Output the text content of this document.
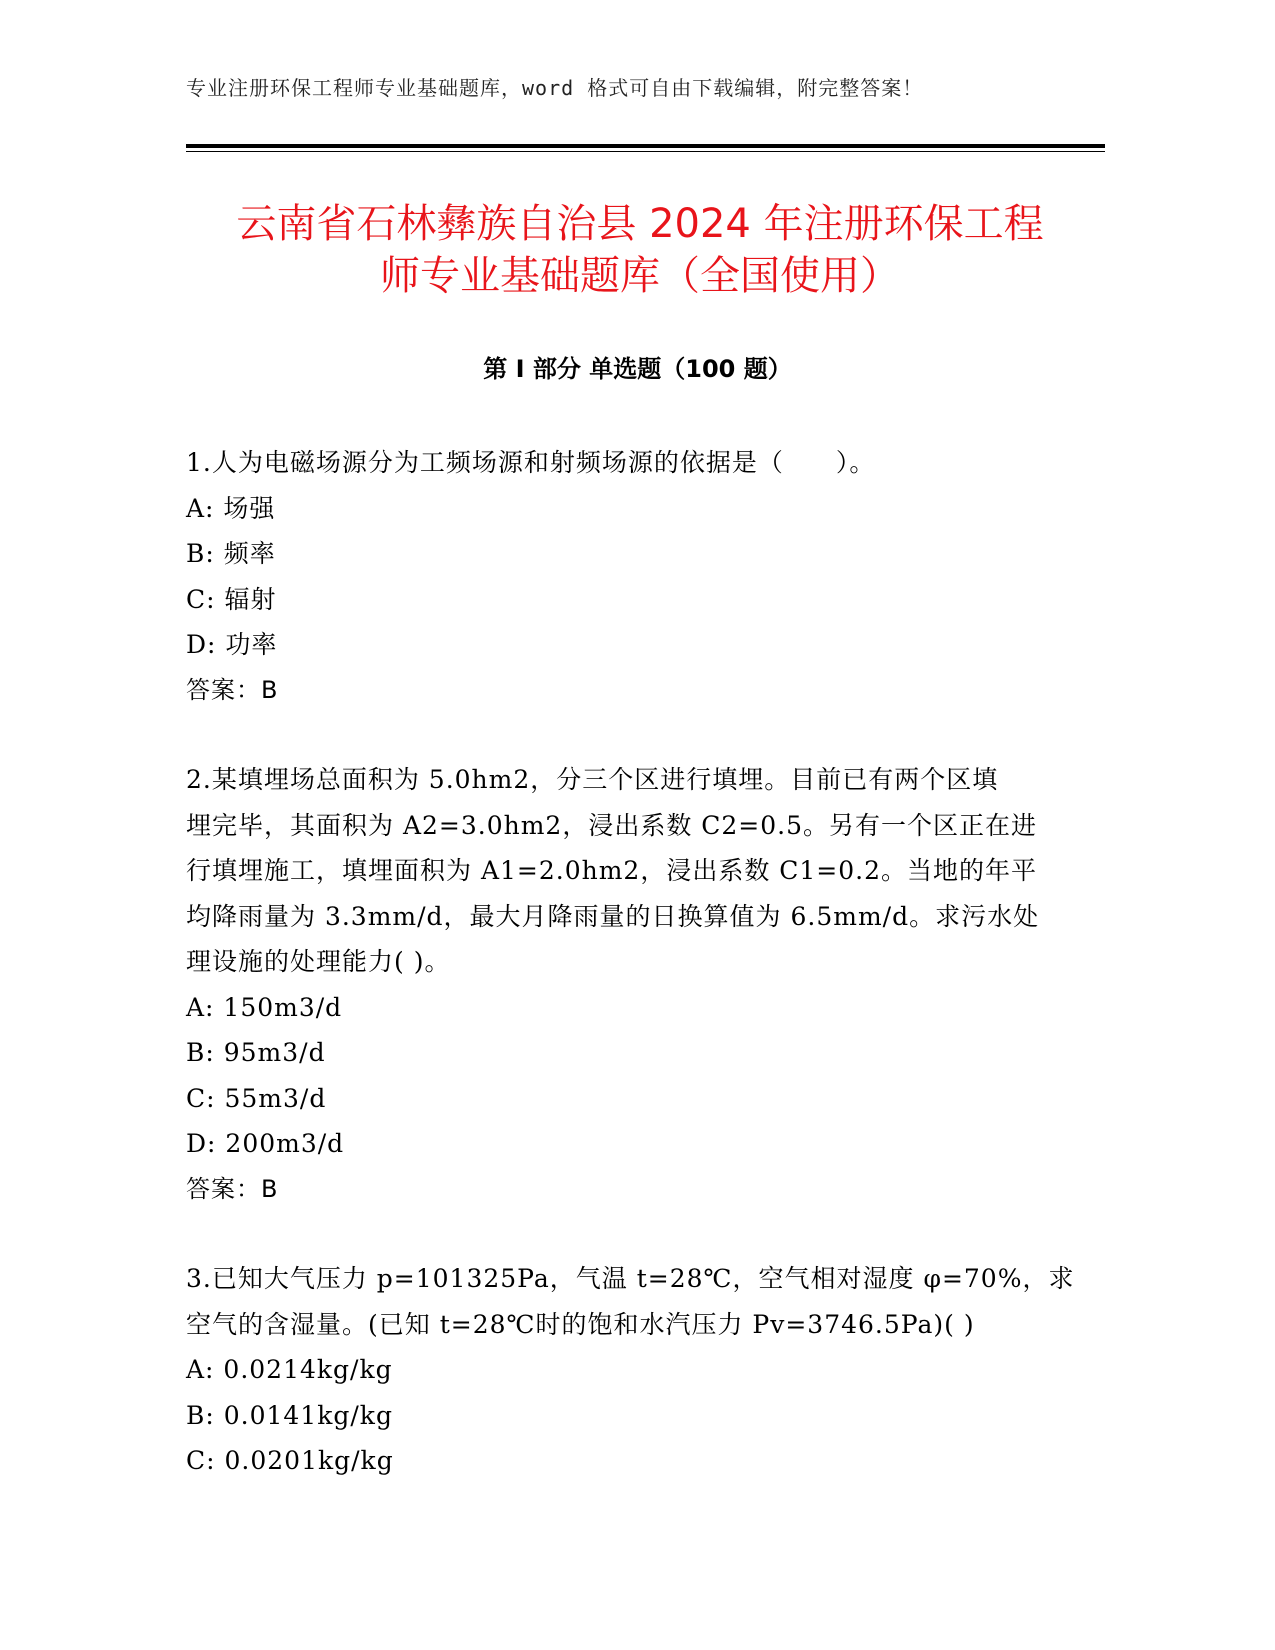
专业注册环保工程师专业基础题库，word 格式可自由下载编辑，附完整答案！
云南省石林彝族自治县 2024 年注册环保工程
师专业基础题库（全国使用）
第 I 部分 单选题（100 题）

1.人为电磁场源分为工频场源和射频场源的依据是（　　）。

A: 场强

B: 频率

C: 辐射

D: 功率

答案：B

2.某填埋场总面积为 5.0hm2，分三个区进行填埋。目前已有两个区填

埋完毕，其面积为 A2=3.0hm2，浸出系数 C2=0.5。另有一个区正在进

行填埋施工，填埋面积为 A1=2.0hm2，浸出系数 C1=0.2。当地的年平

均降雨量为 3.3mm/d，最大月降雨量的日换算值为 6.5mm/d。求污水处

理设施的处理能力( )。

A: 150m3/d

B: 95m3/d

C: 55m3/d

D: 200m3/d

答案：B

3.已知大气压力 p=101325Pa，气温 t=28℃，空气相对湿度 φ=70%，求

空气的含湿量。(已知 t=28℃时的饱和水汽压力 Pv=3746.5Pa)( )

A: 0.0214kg/kg

B: 0.0141kg/kg

C: 0.0201kg/kg
